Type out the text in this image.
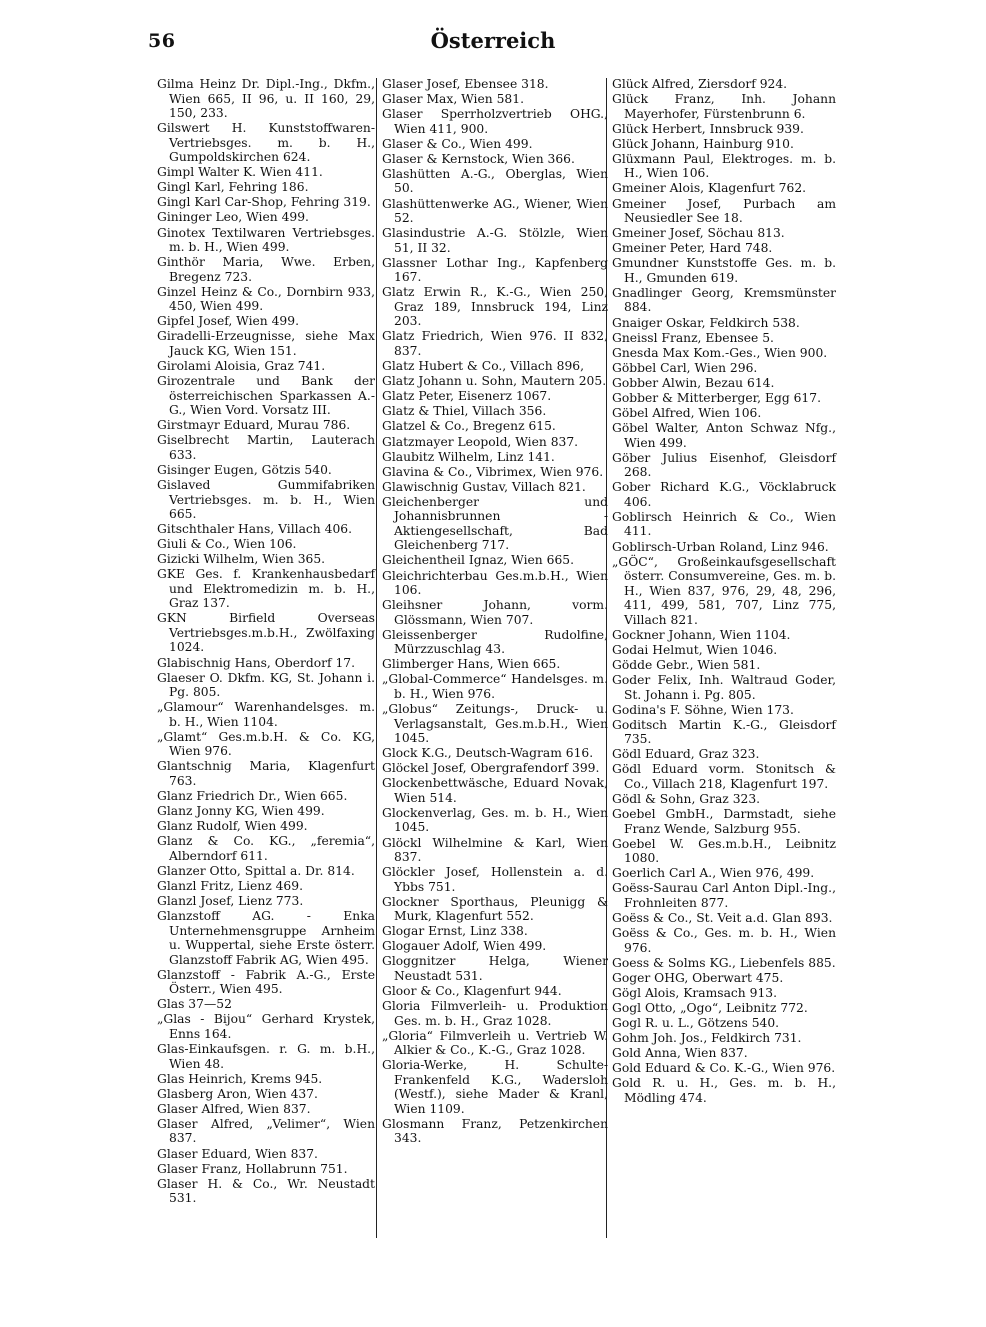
56	Österreich
Gilma Heinz Dr. Dipl.-Ing., Dkfm., Wien 665, II 96, u. II 160, 29, 150, 233.
Gilswert H. Kunststoffwaren-Vertriebsges. m. b. H., Gumpoldskirchen 624.
Gimpl Walter K. Wien 411.
Gingl Karl, Fehring 186.
Gingl Karl Car-Shop, Fehring 319.
Gininger Leo, Wien 499.
Ginotex Textilwaren Vertriebsges. m. b. H., Wien 499.
Ginthör Maria, Wwe. Erben, Bregenz 723.
Ginzel Heinz & Co., Dornbirn 933, 450, Wien 499.
Gipfel Josef, Wien 499.
Giradelli-Erzeugnisse, siehe Max Jauck KG, Wien 151.
Girolami Aloisia, Graz 741.
Girozentrale und Bank der österreichischen Sparkassen A.-G., Wien Vord. Vorsatz III.
Girstmayr Eduard, Murau 786.
Giselbrecht Martin, Lauterach 633.
Gisinger Eugen, Götzis 540.
Gislaved Gummifabriken Vertriebsges. m. b. H., Wien 665.
Gitschthaler Hans, Villach 406.
Giuli & Co., Wien 106.
Gizicki Wilhelm, Wien 365.
GKE Ges. f. Krankenhausbedarf und Elektromedizin m. b. H., Graz 137.
GKN Birfield Overseas Vertriebsges.m.b.H., Zwölfaxing 1024.
Glabischnig Hans, Oberdorf 17.
Glaeser O. Dkfm. KG, St. Johann i. Pg. 805.
„Glamour“ Warenhandelsges. m. b. H., Wien 1104.
„Glamt“ Ges.m.b.H. & Co. KG, Wien 976.
Glantschnig Maria, Klagenfurt 763.
Glanz Friedrich Dr., Wien 665.
Glanz Jonny KG, Wien 499.
Glanz Rudolf, Wien 499.
Glanz & Co. KG., „feremia“, Alberndorf 611.
Glanzer Otto, Spittal a. Dr. 814.
Glanzl Fritz, Lienz 469.
Glanzl Josef, Lienz 773.
Glanzstoff AG. - Enka Unternehmensgruppe Arnheim u. Wuppertal, siehe Erste österr. Glanzstoff Fabrik AG, Wien 495.
Glanzstoff - Fabrik A.-G., Erste Österr., Wien 495.
Glas 37—52
„Glas - Bijou“ Gerhard Krystek, Enns 164.
Glas-Einkaufsgen. r. G. m. b.H., Wien 48.
Glas Heinrich, Krems 945.
Glasberg Aron, Wien 437.
Glaser Alfred, Wien 837.
Glaser Alfred, „Velimer“, Wien 837.
Glaser Eduard, Wien 837.
Glaser Franz, Hollabrunn 751.
Glaser H. & Co., Wr. Neustadt 531.
Glaser Josef, Ebensee 318.
Glaser Max, Wien 581.
Glaser Sperrholzvertrieb OHG., Wien 411, 900.
Glaser & Co., Wien 499.
Glaser & Kernstock, Wien 366.
Glashütten A.-G., Oberglas, Wien 50.
Glashüttenwerke AG., Wiener, Wien 52.
Glasindustrie A.-G. Stölzle, Wien 51, II 32.
Glassner Lothar Ing., Kapfenberg 167.
Glatz Erwin R., K.-G., Wien 250, Graz 189, Innsbruck 194, Linz 203.
Glatz Friedrich, Wien 976. II 832, 837.
Glatz Hubert & Co., Villach 896,
Glatz Johann u. Sohn, Mautern 205.
Glatz Peter, Eisenerz 1067.
Glatz & Thiel, Villach 356.
Glatzel & Co., Bregenz 615.
Glatzmayer Leopold, Wien 837.
Glaubitz Wilhelm, Linz 141.
Glavina & Co., Vibrimex, Wien 976.
Glawischnig Gustav, Villach 821.
Gleichenberger und Johannisbrunnen -Aktiengesellschaft, Bad Gleichenberg 717.
Gleichentheil Ignaz, Wien 665.
Gleichrichterbau Ges.m.b.H., Wien 106.
Gleihsner Johann, vorm. Glössmann, Wien 707.
Gleissenberger Rudolfine, Mürzzuschlag 43.
Glimberger Hans, Wien 665.
„Global-Commerce“ Handelsges. m. b. H., Wien 976.
„Globus“ Zeitungs-, Druck- u. Verlagsanstalt, Ges.m.b.H., Wien 1045.
Glock K.G., Deutsch-Wagram 616.
Glöckel Josef, Obergrafendorf 399.
Glockenbettwäsche, Eduard Novak, Wien 514.
Glockenverlag, Ges. m. b. H., Wien 1045.
Glöckl Wilhelmine & Karl, Wien 837.
Glöckler Josef, Hollenstein a. d. Ybbs 751.
Glockner Sporthaus, Pleunigg & Murk, Klagenfurt 552.
Glogar Ernst, Linz 338.
Glogauer Adolf, Wien 499.
Gloggnitzer Helga, Wiener Neustadt 531.
Gloor & Co., Klagenfurt 944.
Gloria Filmverleih- u. Produktion Ges. m. b. H., Graz 1028.
„Gloria“ Filmverleih u. Vertrieb W. Alkier & Co., K.-G., Graz 1028.
Gloria-Werke, H. Schulte-Frankenfeld K.G., Wadersloh (Westf.), siehe Mader & Kranl, Wien 1109.
Glosmann Franz, Petzenkirchen 343.
Glück Alfred, Ziersdorf 924.
Glück Franz, Inh. Johann Mayerhofer, Fürstenbrunn 6.
Glück Herbert, Innsbruck 939.
Glück Johann, Hainburg 910.
Glüxmann Paul, Elektroges. m. b. H., Wien 106.
Gmeiner Alois, Klagenfurt 762.
Gmeiner Josef, Purbach am Neusiedler See 18.
Gmeiner Josef, Söchau 813.
Gmeiner Peter, Hard 748.
Gmundner Kunststoffe Ges. m. b. H., Gmunden 619.
Gnadlinger Georg, Kremsmünster 884.
Gnaiger Oskar, Feldkirch 538.
Gneissl Franz, Ebensee 5.
Gnesda Max Kom.-Ges., Wien 900.
Göbbel Carl, Wien 296.
Gobber Alwin, Bezau 614.
Gobber & Mitterberger, Egg 617.
Göbel Alfred, Wien 106.
Göbel Walter, Anton Schwaz Nfg., Wien 499.
Göber Julius Eisenhof, Gleisdorf 268.
Gober Richard K.G., Vöcklabruck 406.
Goblirsch Heinrich & Co., Wien 411.
Goblirsch-Urban Roland, Linz 946.
„GÖC“, Großeinkaufsgesellschaft österr. Consumvereine, Ges. m. b. H., Wien 837, 976, 29, 48, 296, 411, 499, 581, 707, Linz 775, Villach 821.
Gockner Johann, Wien 1104.
Godai Helmut, Wien 1046.
Gödde Gebr., Wien 581.
Goder Felix, Inh. Waltraud Goder, St. Johann i. Pg. 805.
Godina's F. Söhne, Wien 173.
Goditsch Martin K.-G., Gleisdorf 735.
Gödl Eduard, Graz 323.
Gödl Eduard vorm. Stonitsch & Co., Villach 218, Klagenfurt 197.
Gödl & Sohn, Graz 323.
Goebel GmbH., Darmstadt, siehe Franz Wende, Salzburg 955.
Goebel W. Ges.m.b.H., Leibnitz 1080.
Goerlich Carl A., Wien 976, 499.
Goëss-Saurau Carl Anton Dipl.-Ing., Frohnleiten 877.
Goëss & Co., St. Veit a.d. Glan 893.
Goëss & Co., Ges. m. b. H., Wien 976.
Goess & Solms KG., Liebenfels 885.
Goger OHG, Oberwart 475.
Gögl Alois, Kramsach 913.
Gogl Otto, „Ogo“, Leibnitz 772.
Gogl R. u. L., Götzens 540.
Gohm Joh. Jos., Feldkirch 731.
Gold Anna, Wien 837.
Gold Eduard & Co. K.-G., Wien 976.
Gold R. u. H., Ges. m. b. H., Mödling 474.
